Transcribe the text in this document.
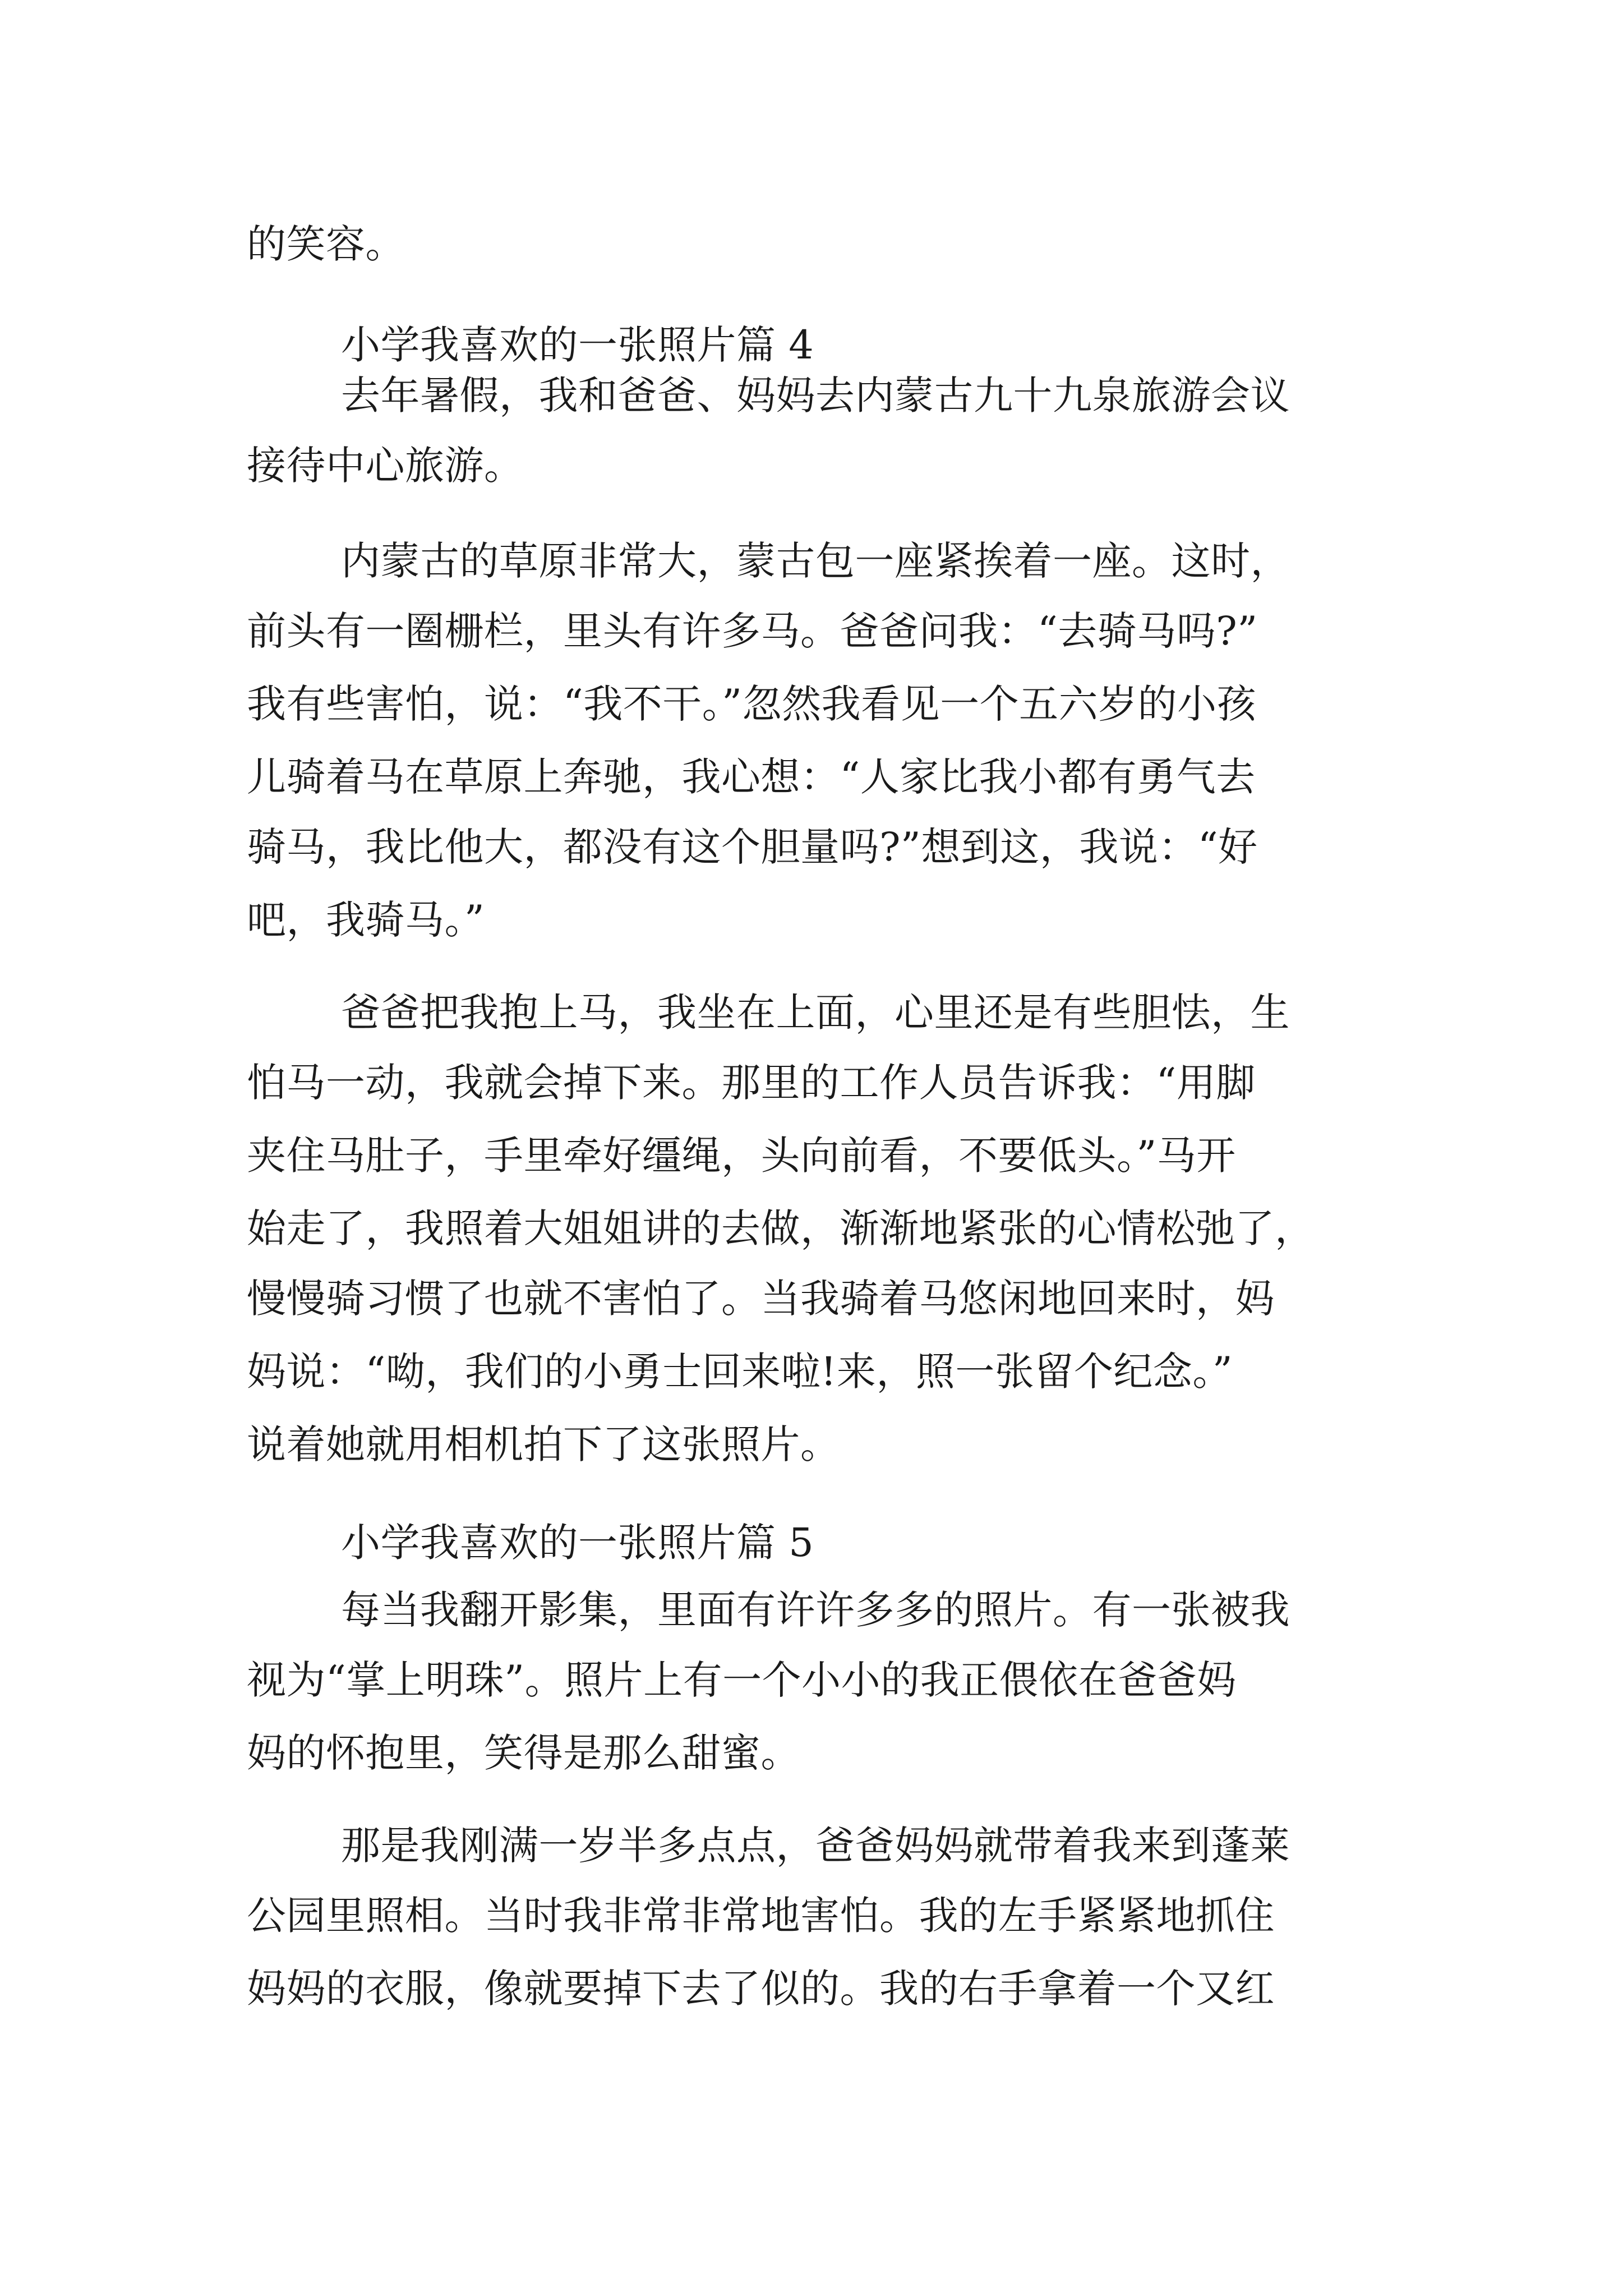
的笑容。
小学我喜欢的一张照片篇 4
去年暑假，我和爸爸、妈妈去内蒙古九十九泉旅游会议
接待中心旅游。
内蒙古的草原非常大，蒙古包一座紧挨着一座。这时，
前头有一圈栅栏，里头有许多马。爸爸问我：“去骑马吗?”
我有些害怕，说：“我不干。”忽然我看见一个五六岁的小孩
儿骑着马在草原上奔驰，我心想：“人家比我小都有勇气去
骑马，我比他大，都没有这个胆量吗?”想到这，我说：“好
吧，我骑马。”
爸爸把我抱上马，我坐在上面，心里还是有些胆怯，生
怕马一动，我就会掉下来。那里的工作人员告诉我：“用脚
夹住马肚子，手里牵好缰绳，头向前看，不要低头。”马开
始走了，我照着大姐姐讲的去做，渐渐地紧张的心情松弛了，
慢慢骑习惯了也就不害怕了。当我骑着马悠闲地回来时，妈
妈说：“呦，我们的小勇士回来啦!来，照一张留个纪念。”
说着她就用相机拍下了这张照片。
小学我喜欢的一张照片篇 5
每当我翻开影集，里面有许许多多的照片。有一张被我
视为“掌上明珠”。照片上有一个小小的我正偎依在爸爸妈
妈的怀抱里，笑得是那么甜蜜。
那是我刚满一岁半多点点，爸爸妈妈就带着我来到蓬莱
公园里照相。当时我非常非常地害怕。我的左手紧紧地抓住
妈妈的衣服，像就要掉下去了似的。我的右手拿着一个又红
